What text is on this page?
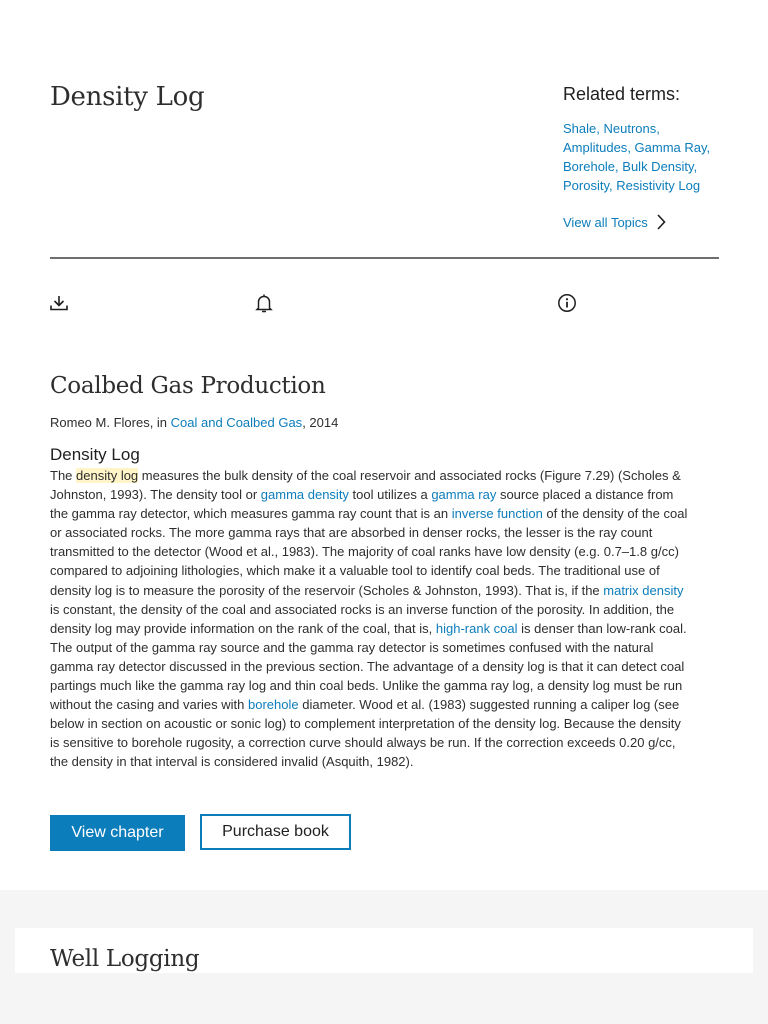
Density Log	Related terms:
Shale, Neutrons,
Amplitudes, Gamma Ray,
Borehole, Bulk Density,
Porosity, Resistivity Log
View all Topics
Coalbed Gas Production
Romeo M. Flores, in Coal and Coalbed Gas, 2014
Density Log

The density log measures the bulk density of the coal reservoir and associated rocks (Figure 7.29) (Scholes & Johnston, 1993). The density tool or gamma density tool utilizes a gamma ray source placed a distance from the gamma ray detector, which measures gamma ray count that is an inverse function of the density of the coal or associated rocks. The more gamma rays that are absorbed in denser rocks, the lesser is the ray count transmitted to the detector (Wood et al., 1983). The majority of coal ranks have low density (e.g. 0.7–1.8 g/cc) compared to adjoining lithologies, which make it a valuable tool to identify coal beds. The traditional use of density log is to measure the porosity of the reservoir (Scholes & Johnston, 1993). That is, if the matrix density is constant, the density of the coal and associated rocks is an inverse function of the porosity. In addition, the density log may provide information on the rank of the coal, that is, high-rank coal is denser than low-rank coal. The output of the gamma ray source and the gamma ray detector is sometimes confused with the natural gamma ray detector discussed in the previous section. The advantage of a density log is that it can detect coal partings much like the gamma ray log and thin coal beds. Unlike the gamma ray log, a density log must be run without the casing and varies with borehole diameter. Wood et al. (1983) suggested running a caliper log (see below in section on acoustic or sonic log) to complement interpretation of the density log. Because the density is sensitive to borehole rugosity, a correction curve should always be run. If the correction exceeds 0.20 g/cc, the density in that interval is considered invalid (Asquith, 1982).

View chapter	Purchase book
Well Logging
